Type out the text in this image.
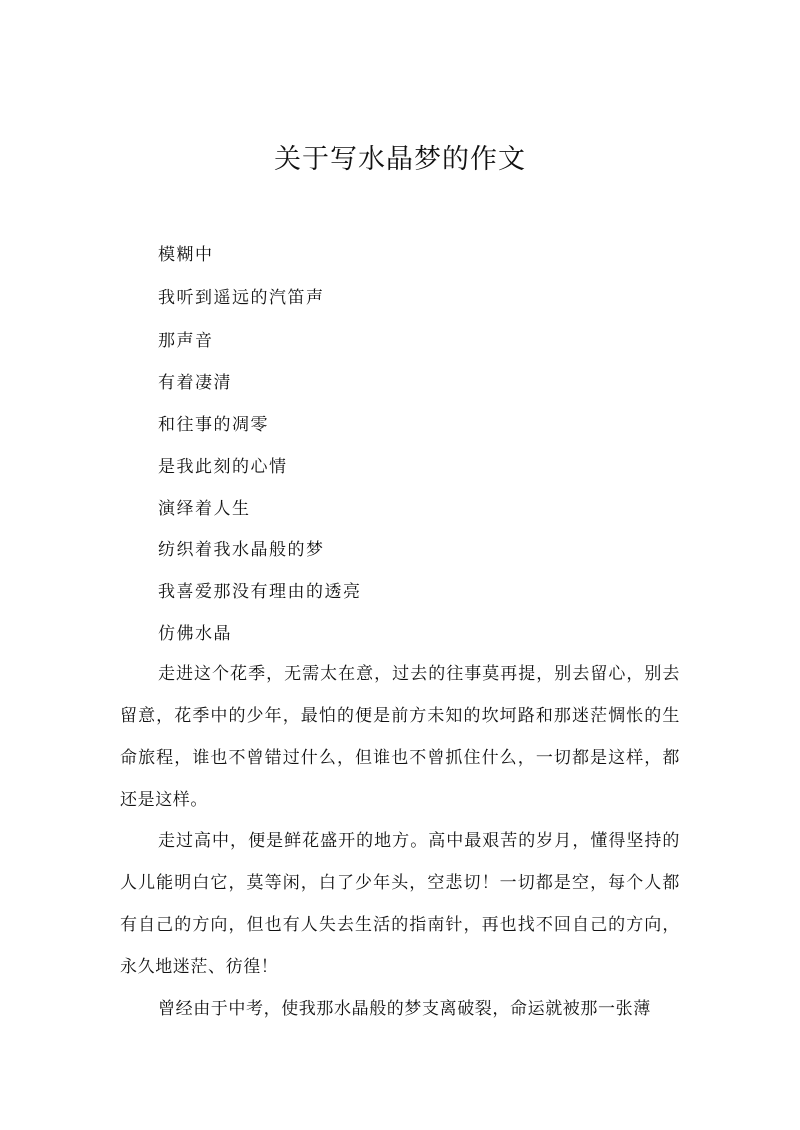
关于写水晶梦的作文

模糊中

我听到遥远的汽笛声

那声音

有着凄清

和往事的凋零

是我此刻的心情

演绎着人生

纺织着我水晶般的梦

我喜爱那没有理由的透亮

仿佛水晶

走进这个花季，无需太在意，过去的往事莫再提，别去留心，别去留意，花季中的少年，最怕的便是前方未知的坎坷路和那迷茫惆怅的生命旅程，谁也不曾错过什么，但谁也不曾抓住什么，一切都是这样，都还是这样。

走过高中，便是鲜花盛开的地方。高中最艰苦的岁月，懂得坚持的人儿能明白它，莫等闲，白了少年头，空悲切！一切都是空，每个人都有自己的方向，但也有人失去生活的指南针，再也找不回自己的方向，永久地迷茫、彷徨！

曾经由于中考，使我那水晶般的梦支离破裂，命运就被那一张薄
